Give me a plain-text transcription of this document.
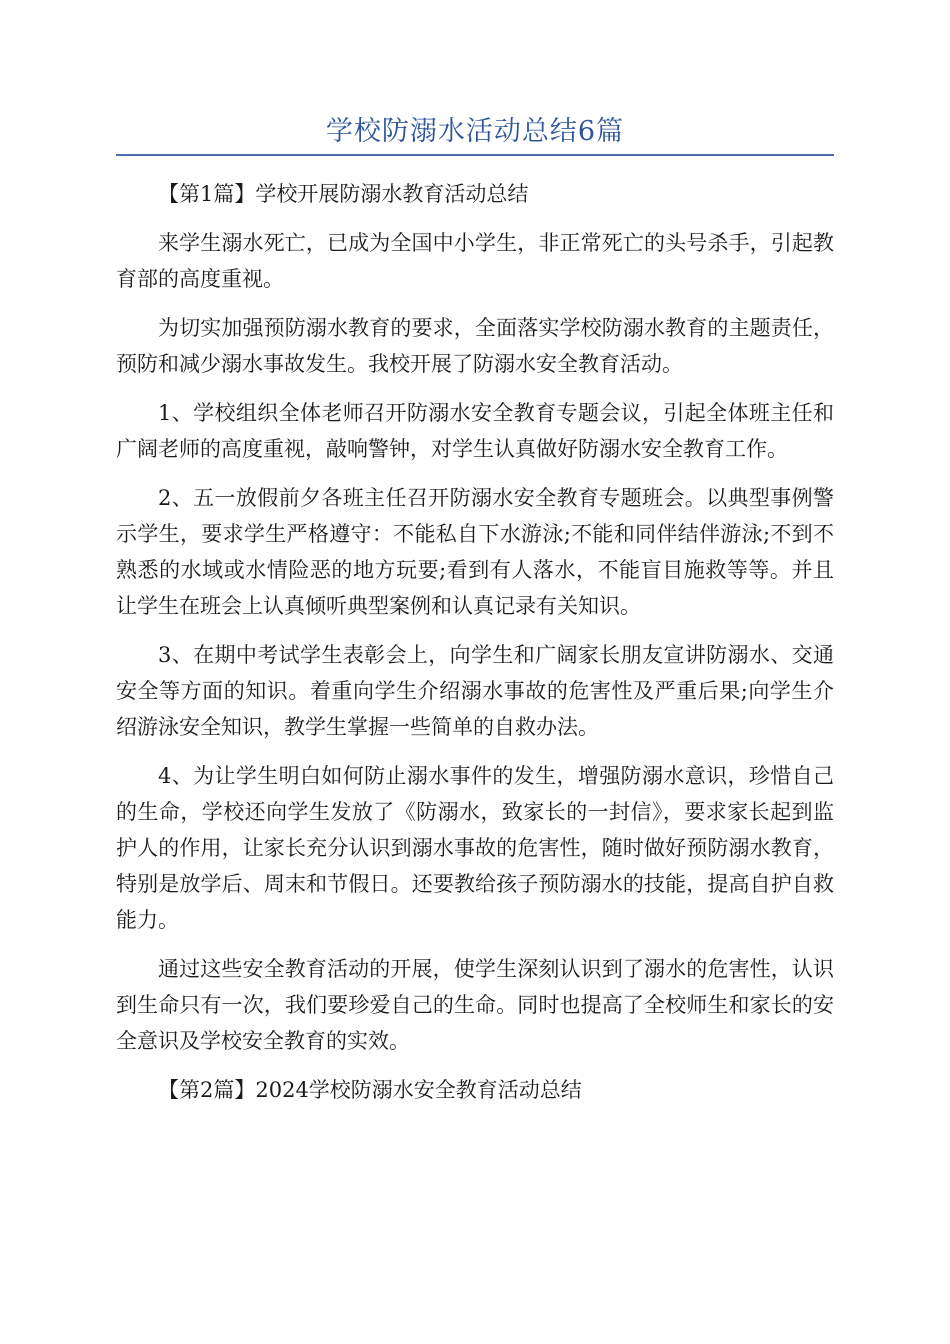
学校防溺水活动总结6篇

【第1篇】学校开展防溺水教育活动总结

来学生溺水死亡，已成为全国中小学生，非正常死亡的头号杀手，引起教育部的高度重视。

为切实加强预防溺水教育的要求，全面落实学校防溺水教育的主题责任，预防和减少溺水事故发生。我校开展了防溺水安全教育活动。

1、学校组织全体老师召开防溺水安全教育专题会议，引起全体班主任和广阔老师的高度重视，敲响警钟，对学生认真做好防溺水安全教育工作。

2、五一放假前夕各班主任召开防溺水安全教育专题班会。以典型事例警示学生，要求学生严格遵守：不能私自下水游泳;不能和同伴结伴游泳;不到不熟悉的水域或水情险恶的地方玩要;看到有人落水，不能盲目施救等等。并且让学生在班会上认真倾听典型案例和认真记录有关知识。

3、在期中考试学生表彰会上，向学生和广阔家长朋友宣讲防溺水、交通安全等方面的知识。着重向学生介绍溺水事故的危害性及严重后果;向学生介绍游泳安全知识，教学生掌握一些简单的自救办法。

4、为让学生明白如何防止溺水事件的发生，增强防溺水意识，珍惜自己的生命，学校还向学生发放了《防溺水，致家长的一封信》，要求家长起到监护人的作用，让家长充分认识到溺水事故的危害性，随时做好预防溺水教育，特别是放学后、周末和节假日。还要教给孩子预防溺水的技能，提高自护自救能力。

通过这些安全教育活动的开展，使学生深刻认识到了溺水的危害性，认识到生命只有一次，我们要珍爱自己的生命。同时也提高了全校师生和家长的安全意识及学校安全教育的实效。

【第2篇】2024学校防溺水安全教育活动总结
